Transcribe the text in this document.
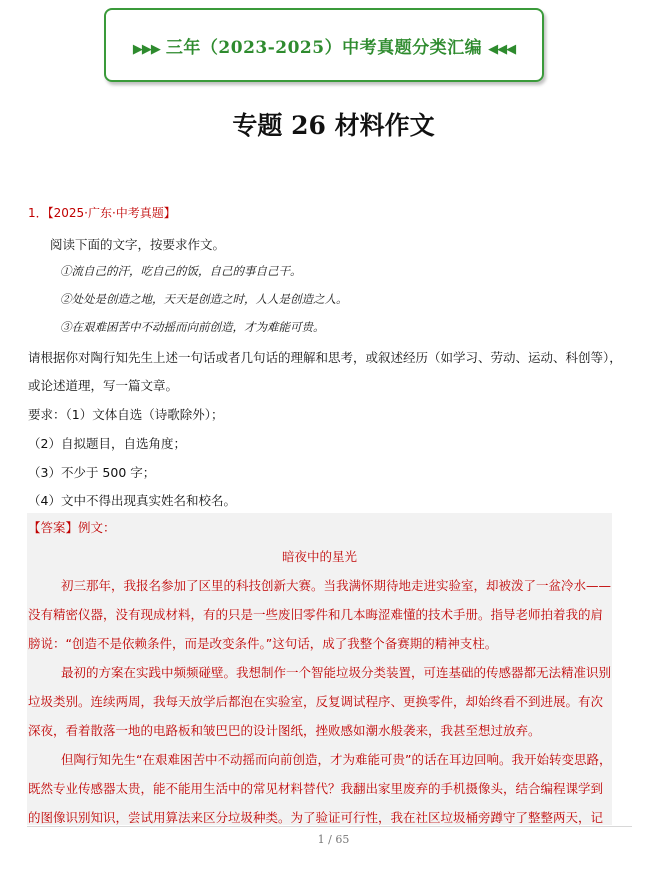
▶▶▶ 三年（2023-2025）中考真题分类汇编 ◀◀◀
专题 26 材料作文
1．【2025·广东·中考真题】
阅读下面的文字，按要求作文。
①流自己的汗，吃自己的饭，自己的事自己干。
②处处是创造之地，天天是创造之时，人人是创造之人。
③在艰难困苦中不动摇而向前创造，才为难能可贵。
请根据你对陶行知先生上述一句话或者几句话的理解和思考，或叙述经历（如学习、劳动、运动、科创等），
或论述道理，写一篇文章。
要求：（1）文体自选（诗歌除外）；
（2）自拟题目，自选角度；
（3）不少于 500 字；
（4）文中不得出现真实姓名和校名。
【答案】例文：
暗夜中的星光
初三那年，我报名参加了区里的科技创新大赛。当我满怀期待地走进实验室，却被泼了一盆冷水——
没有精密仪器，没有现成材料，有的只是一些废旧零件和几本晦涩难懂的技术手册。指导老师拍着我的肩
膀说：“创造不是依赖条件，而是改变条件。”这句话，成了我整个备赛期的精神支柱。
最初的方案在实践中频频碰壁。我想制作一个智能垃圾分类装置，可连基础的传感器都无法精准识别
垃圾类别。连续两周，我每天放学后都泡在实验室，反复调试程序、更换零件，却始终看不到进展。有次
深夜，看着散落一地的电路板和皱巴巴的设计图纸，挫败感如潮水般袭来，我甚至想过放弃。
但陶行知先生“在艰难困苦中不动摇而向前创造，才为难能可贵”的话在耳边回响。我开始转变思路，
既然专业传感器太贵，能不能用生活中的常见材料替代？我翻出家里废弃的手机摄像头，结合编程课学到
的图像识别知识，尝试用算法来区分垃圾种类。为了验证可行性，我在社区垃圾桶旁蹲守了整整两天，记
1 / 65
